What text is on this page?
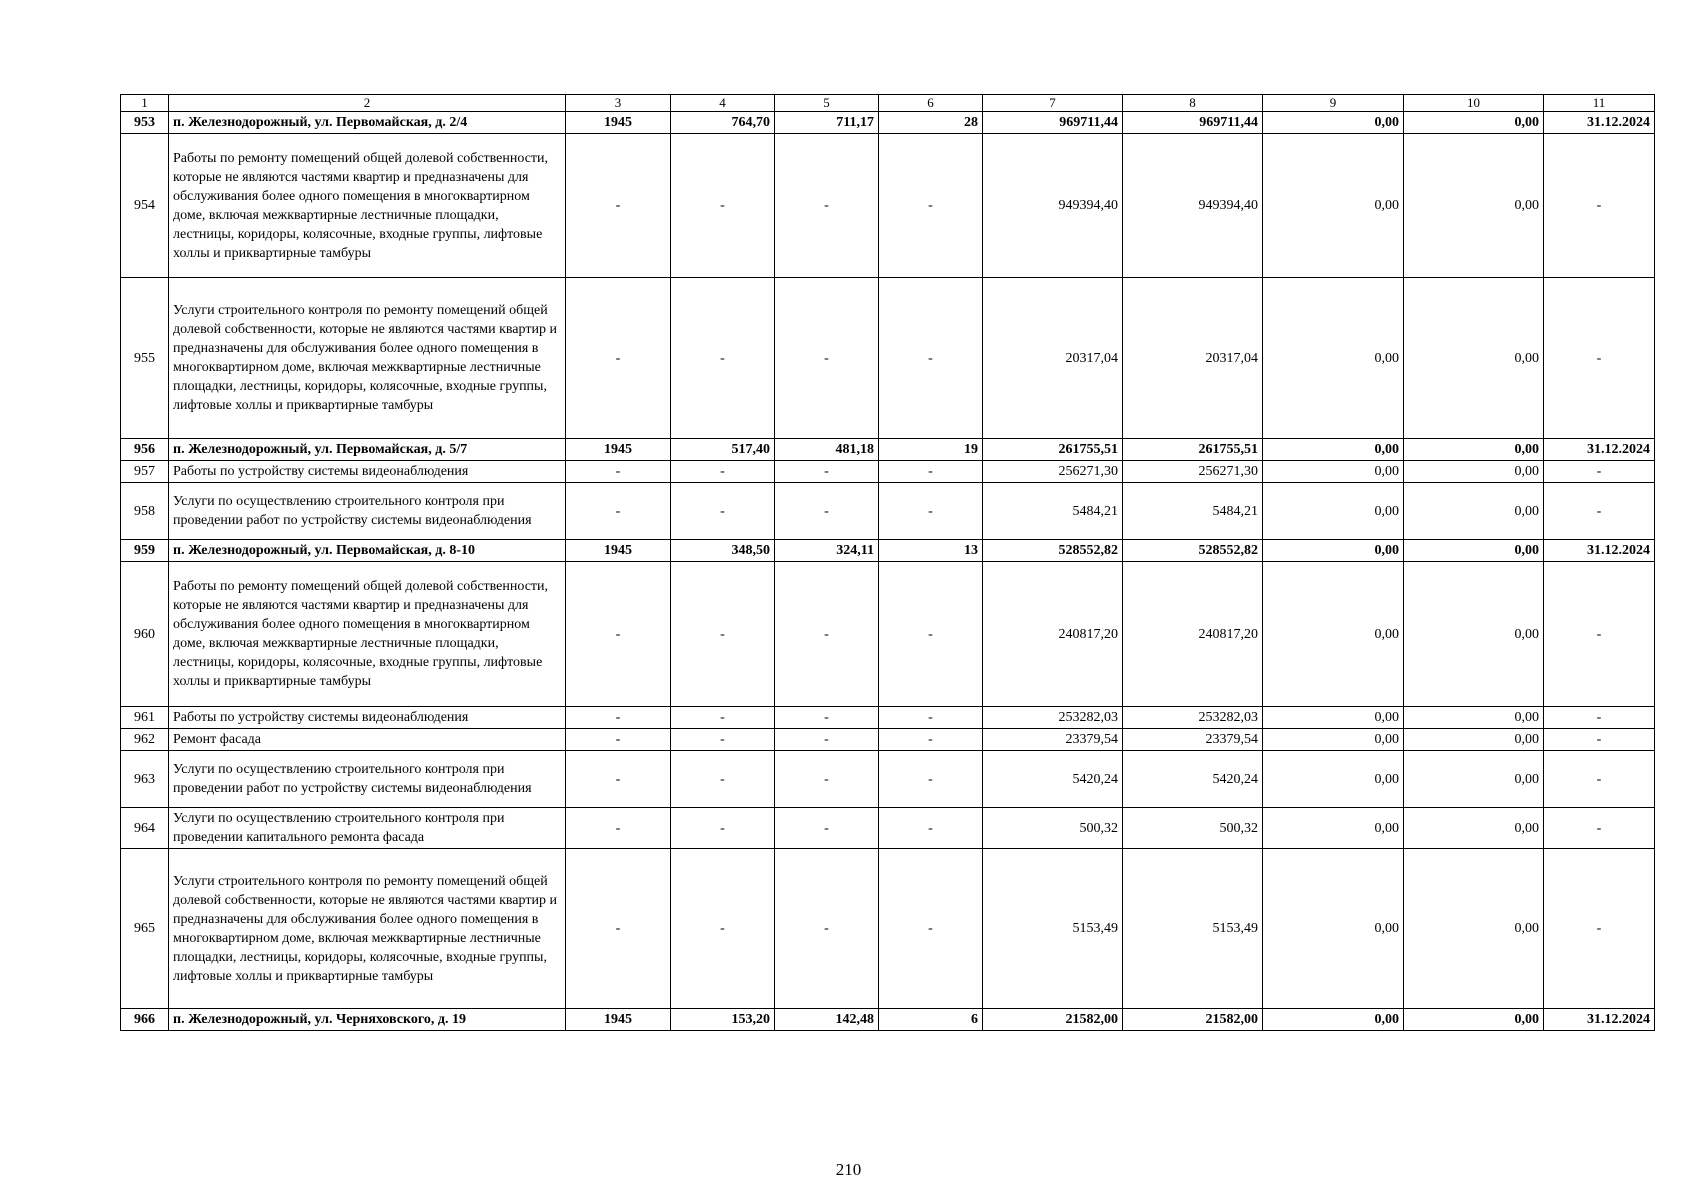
1	2	3	4	5	6	7	8	9	10	11
953	п. Железнодорожный, ул. Первомайская, д. 2/4	1945	764,70	711,17	28	969711,44	969711,44	0,00	0,00	31.12.2024
954	Работы по ремонту помещений общей долевой собственности, которые не являются частями квартир и предназначены для обслуживания более одного помещения в многоквартирном доме, включая межквартирные лестничные площадки, лестницы, коридоры, колясочные, входные группы, лифтовые холлы и приквартирные тамбуры	-	-	-	-	949394,40	949394,40	0,00	0,00	-
955	Услуги строительного контроля по ремонту помещений общей долевой собственности, которые не являются частями квартир и предназначены для обслуживания более одного помещения в многоквартирном доме, включая межквартирные лестничные площадки, лестницы, коридоры, колясочные, входные группы, лифтовые холлы и приквартирные тамбуры	-	-	-	-	20317,04	20317,04	0,00	0,00	-
956	п. Железнодорожный, ул. Первомайская, д. 5/7	1945	517,40	481,18	19	261755,51	261755,51	0,00	0,00	31.12.2024
957	Работы по устройству системы видеонаблюдения	-	-	-	-	256271,30	256271,30	0,00	0,00	-
958	Услуги по осуществлению строительного контроля при проведении работ по устройству системы видеонаблюдения	-	-	-	-	5484,21	5484,21	0,00	0,00	-
959	п. Железнодорожный, ул. Первомайская, д. 8-10	1945	348,50	324,11	13	528552,82	528552,82	0,00	0,00	31.12.2024
960	Работы по ремонту помещений общей долевой собственности, которые не являются частями квартир и предназначены для обслуживания более одного помещения в многоквартирном доме, включая межквартирные лестничные площадки, лестницы, коридоры, колясочные, входные группы, лифтовые холлы и приквартирные тамбуры	-	-	-	-	240817,20	240817,20	0,00	0,00	-
961	Работы по устройству системы видеонаблюдения	-	-	-	-	253282,03	253282,03	0,00	0,00	-
962	Ремонт фасада	-	-	-	-	23379,54	23379,54	0,00	0,00	-
963	Услуги по осуществлению строительного контроля при проведении работ по устройству системы видеонаблюдения	-	-	-	-	5420,24	5420,24	0,00	0,00	-
964	Услуги по осуществлению строительного контроля при проведении капитального ремонта фасада	-	-	-	-	500,32	500,32	0,00	0,00	-
965	Услуги строительного контроля по ремонту помещений общей долевой собственности, которые не являются частями квартир и предназначены для обслуживания более одного помещения в многоквартирном доме, включая межквартирные лестничные площадки, лестницы, коридоры, колясочные, входные группы, лифтовые холлы и приквартирные тамбуры	-	-	-	-	5153,49	5153,49	0,00	0,00	-
966	п. Железнодорожный, ул. Черняховского, д. 19	1945	153,20	142,48	6	21582,00	21582,00	0,00	0,00	31.12.2024
210
